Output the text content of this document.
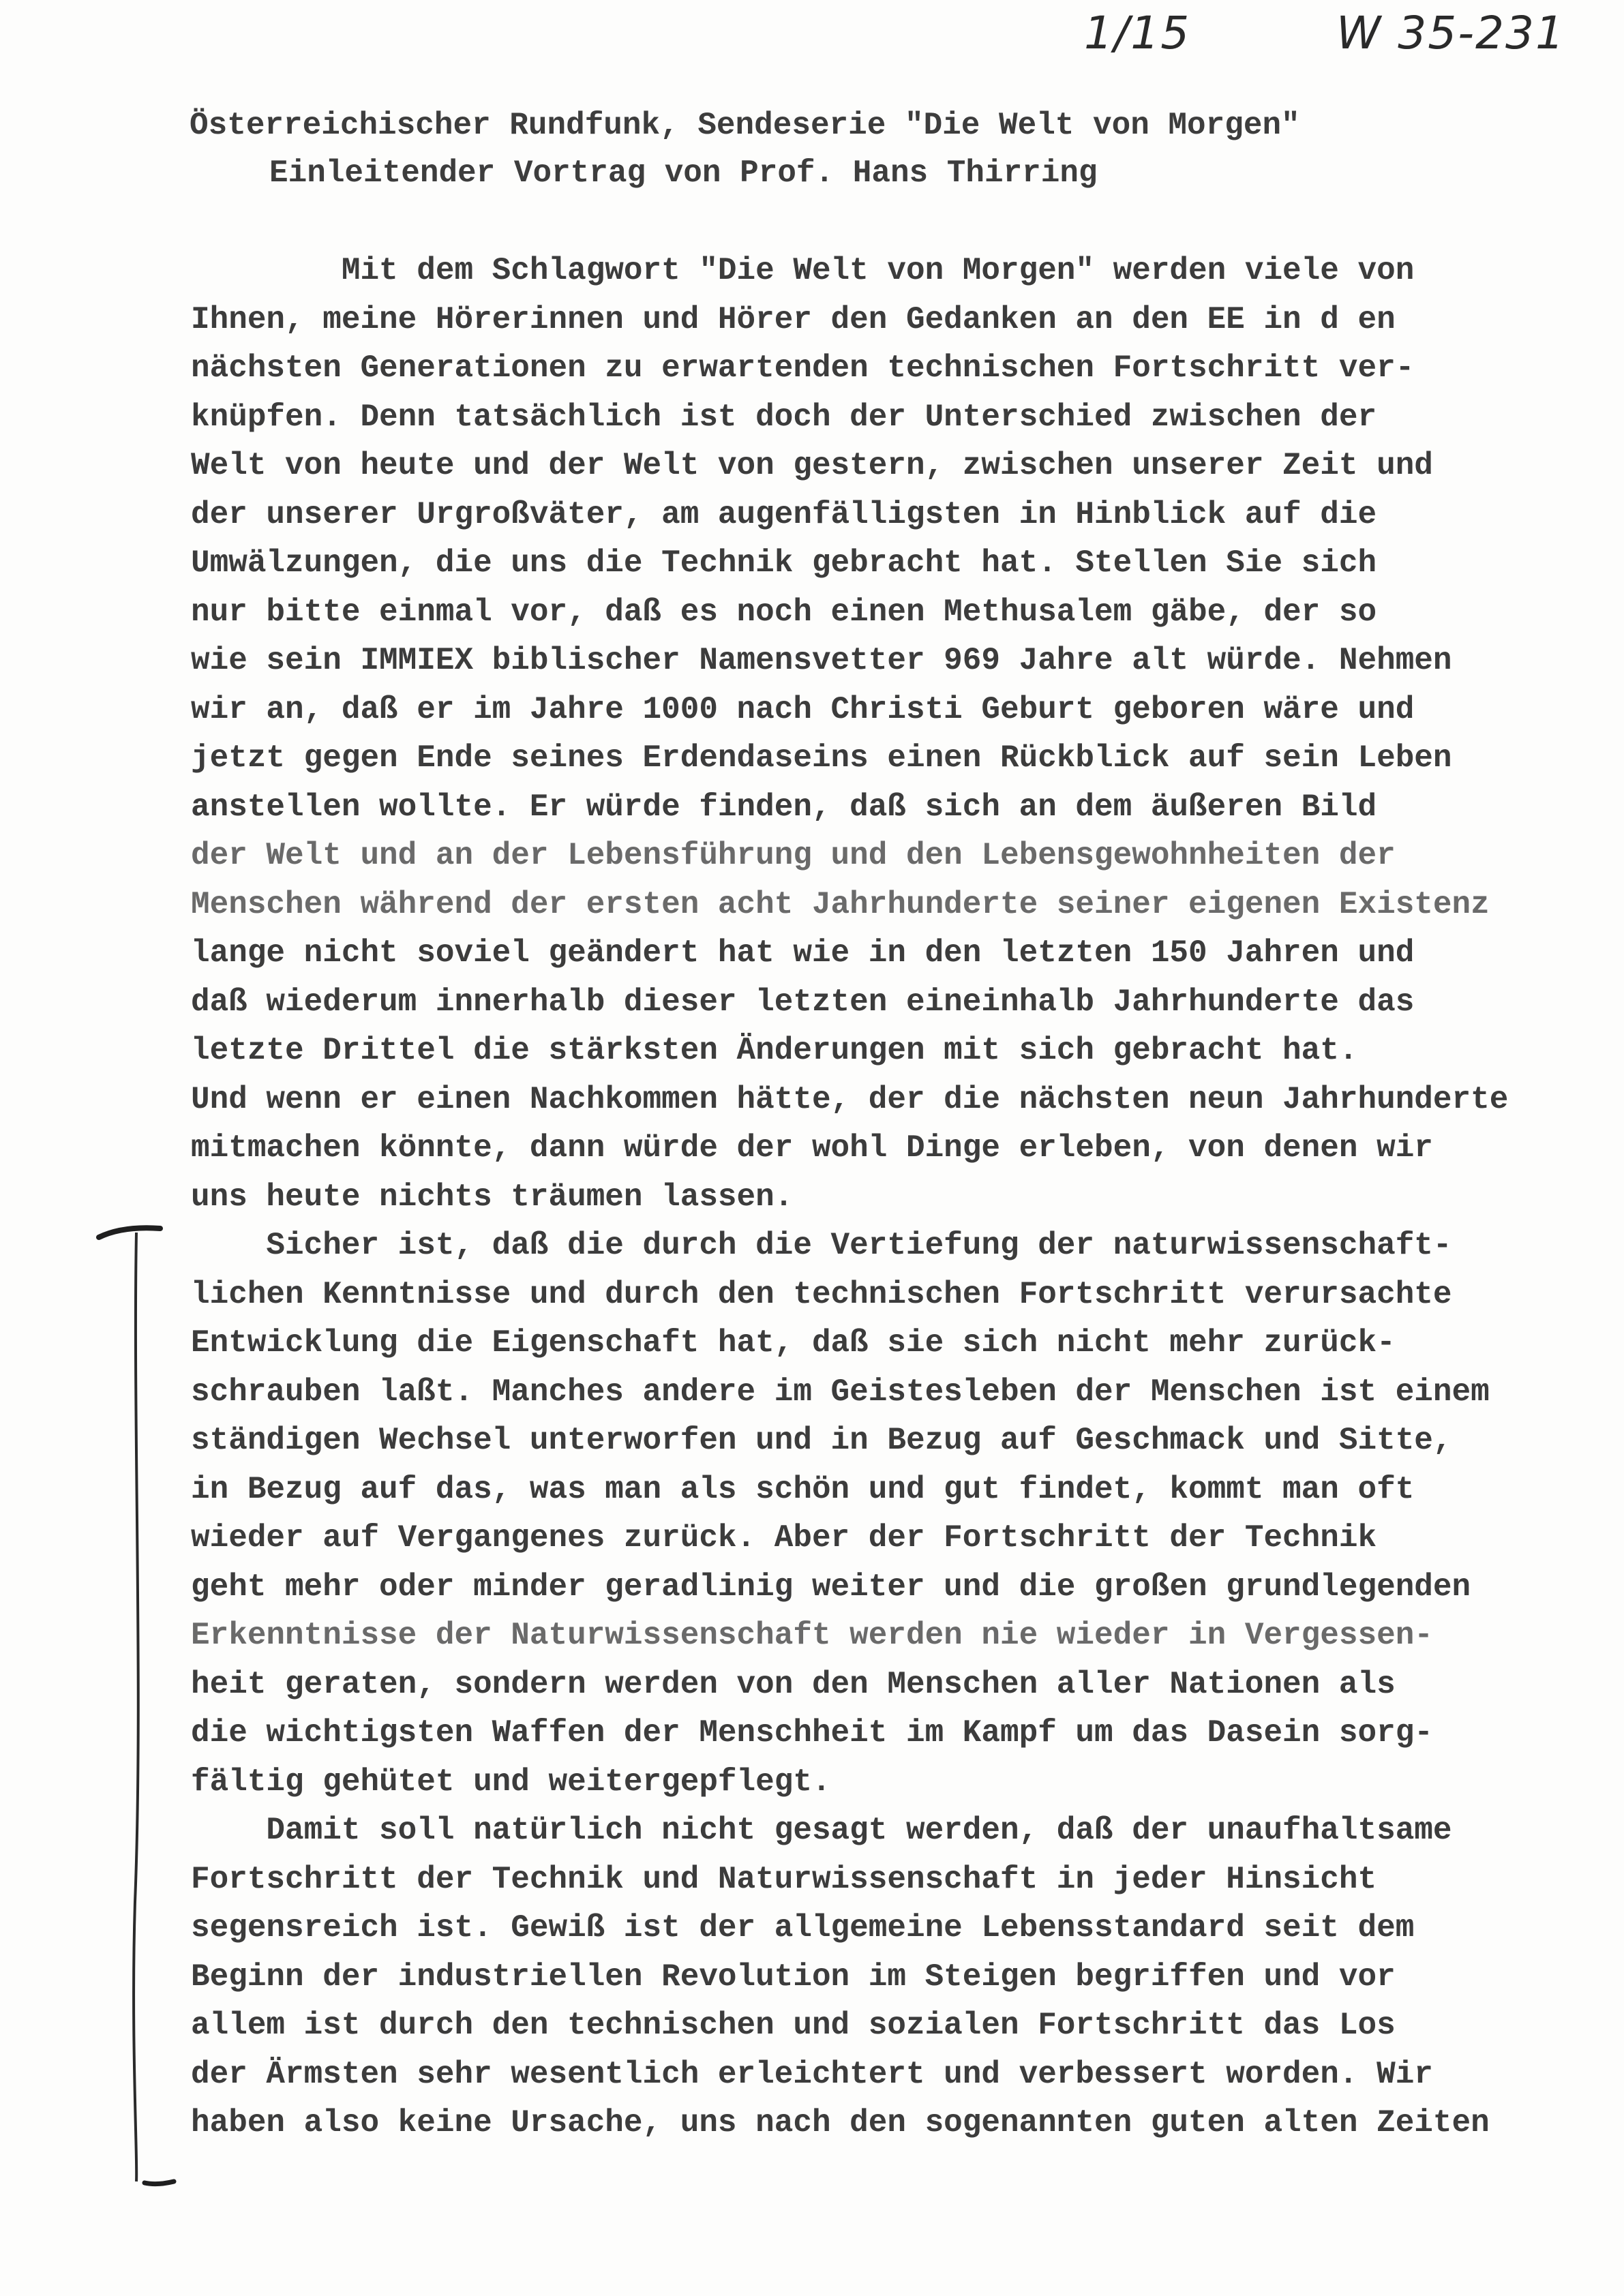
1/15	W 35-231
Österreichischer Rundfunk, Sendeserie "Die Welt von Morgen"
Einleitender Vortrag von Prof. Hans Thirring
Mit dem Schlagwort "Die Welt von Morgen" werden viele von
Ihnen, meine Hörerinnen und Hörer den Gedanken an den EE in d en
nächsten Generationen zu erwartenden technischen Fortschritt ver-
knüpfen. Denn tatsächlich ist doch der Unterschied zwischen der
Welt von heute und der Welt von gestern, zwischen unserer Zeit und
der unserer Urgroßväter, am augenfälligsten in Hinblick auf die
Umwälzungen, die uns die Technik gebracht hat. Stellen Sie sich
nur bitte einmal vor, daß es noch einen Methusalem gäbe, der so
wie sein IMMIEX biblischer Namensvetter 969 Jahre alt würde. Nehmen
wir an, daß er im Jahre 1000 nach Christi Geburt geboren wäre und
jetzt gegen Ende seines Erdendaseins einen Rückblick auf sein Leben
anstellen wollte. Er würde finden, daß sich an dem äußeren Bild
der Welt und an der Lebensführung und den Lebensgewohnheiten der
Menschen während der ersten acht Jahrhunderte seiner eigenen Existenz
lange nicht soviel geändert hat wie in den letzten 150 Jahren und
daß wiederum innerhalb dieser letzten eineinhalb Jahrhunderte das
letzte Drittel die stärksten Änderungen mit sich gebracht hat.
Und wenn er einen Nachkommen hätte, der die nächsten neun Jahrhunderte
mitmachen könnte, dann würde der wohl Dinge erleben, von denen wir
uns heute nichts träumen lassen.
Sicher ist, daß die durch die Vertiefung der naturwissenschaft-
lichen Kenntnisse und durch den technischen Fortschritt verursachte
Entwicklung die Eigenschaft hat, daß sie sich nicht mehr zurück-
schrauben laßt. Manches andere im Geistesleben der Menschen ist einem
ständigen Wechsel unterworfen und in Bezug auf Geschmack und Sitte,
in Bezug auf das, was man als schön und gut findet, kommt man oft
wieder auf Vergangenes zurück. Aber der Fortschritt der Technik
geht mehr oder minder geradlinig weiter und die großen grundlegenden
Erkenntnisse der Naturwissenschaft werden nie wieder in Vergessen-
heit geraten, sondern werden von den Menschen aller Nationen als
die wichtigsten Waffen der Menschheit im Kampf um das Dasein sorg-
fältig gehütet und weitergepflegt.
Damit soll natürlich nicht gesagt werden, daß der unaufhaltsame
Fortschritt der Technik und Naturwissenschaft in jeder Hinsicht
segensreich ist. Gewiß ist der allgemeine Lebensstandard seit dem
Beginn der industriellen Revolution im Steigen begriffen und vor
allem ist durch den technischen und sozialen Fortschritt das Los
der Ärmsten sehr wesentlich erleichtert und verbessert worden. Wir
haben also keine Ursache, uns nach den sogenannten guten alten Zeiten
